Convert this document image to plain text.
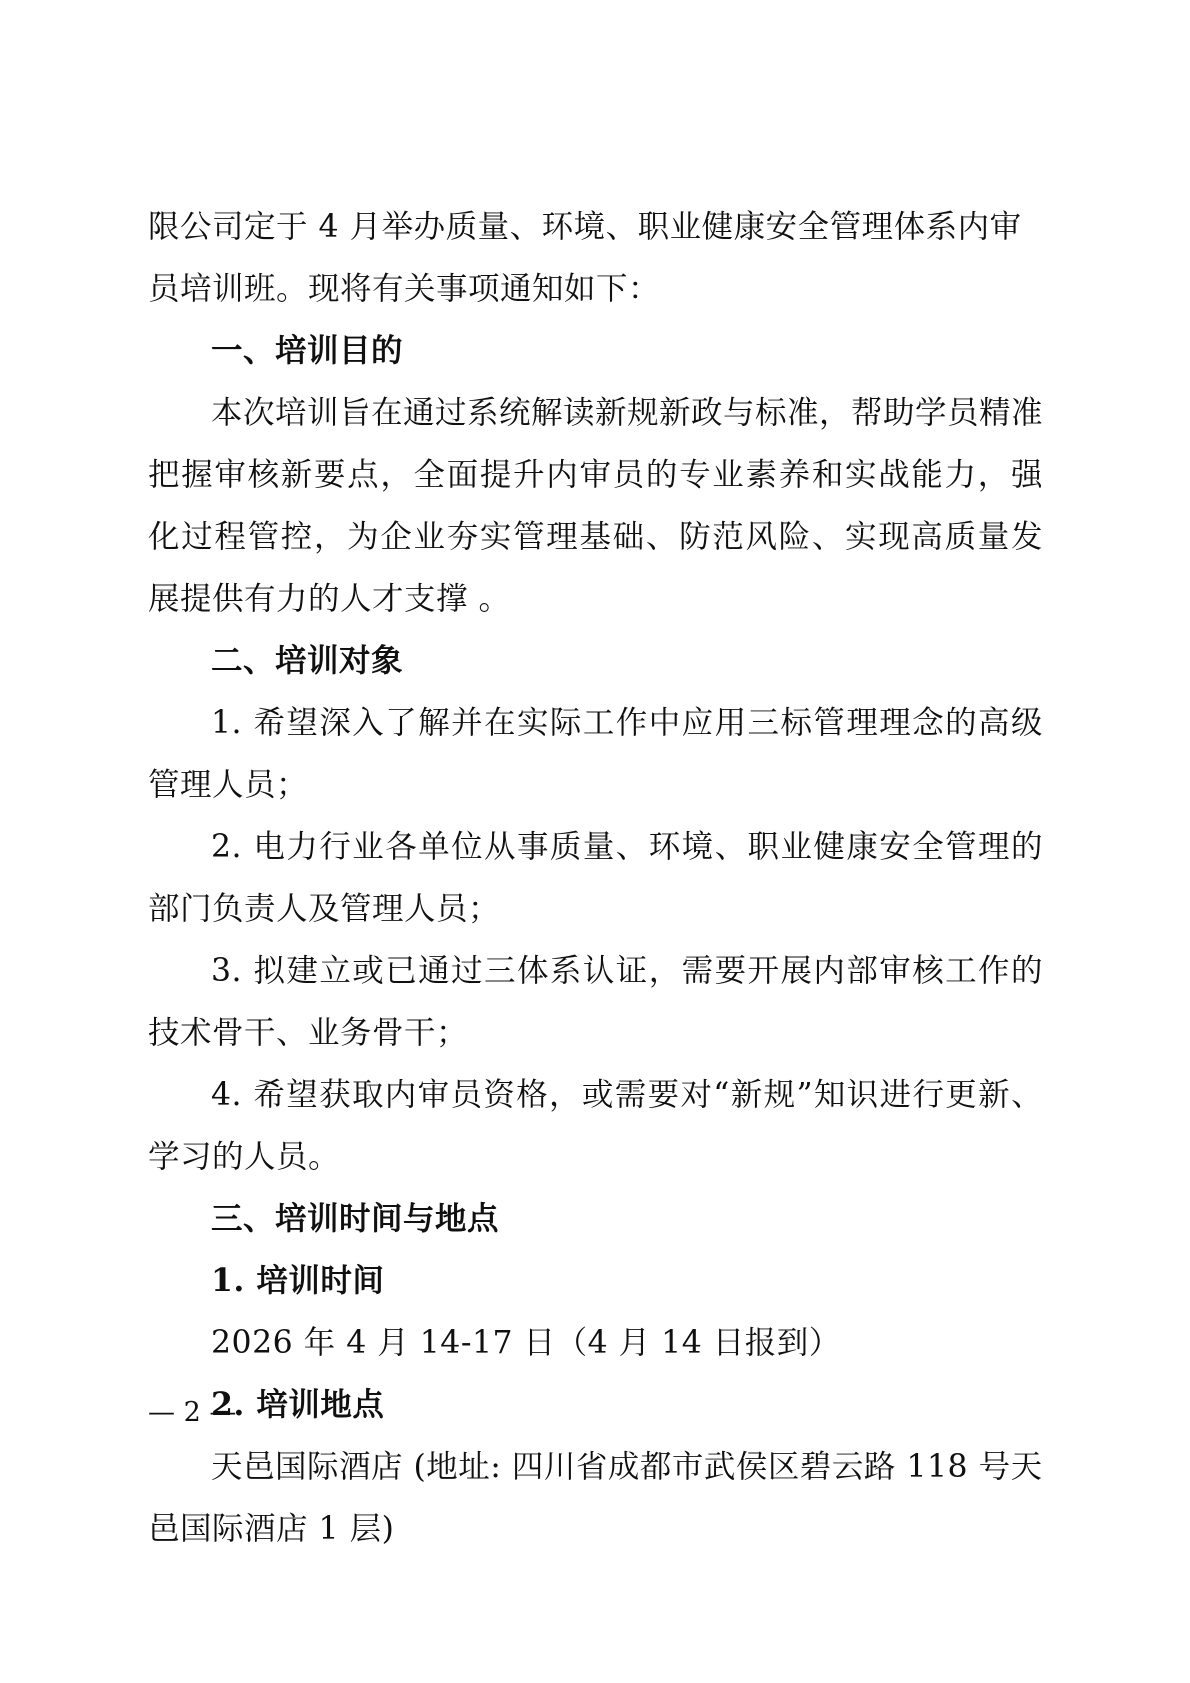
限公司定于 4 月举办质量、环境、职业健康安全管理体系内审员培训班。现将有关事项通知如下：

一、培训目的

本次培训旨在通过系统解读新规新政与标准，帮助学员精准把握审核新要点，全面提升内审员的专业素养和实战能力，强化过程管控，为企业夯实管理基础、防范风险、实现高质量发展提供有力的人才支撑 。

二、培训对象

1. 希望深入了解并在实际工作中应用三标管理理念的高级管理人员；

2. 电力行业各单位从事质量、环境、职业健康安全管理的部门负责人及管理人员；

3. 拟建立或已通过三体系认证，需要开展内部审核工作的技术骨干、业务骨干；

4. 希望获取内审员资格，或需要对“新规”知识进行更新、学习的人员。

三、培训时间与地点

1. 培训时间

2026 年 4 月 14-17 日（4 月 14 日报到）

2. 培训地点

天邑国际酒店 (地址: 四川省成都市武侯区碧云路 118 号天邑国际酒店 1 层)

— 2 —
